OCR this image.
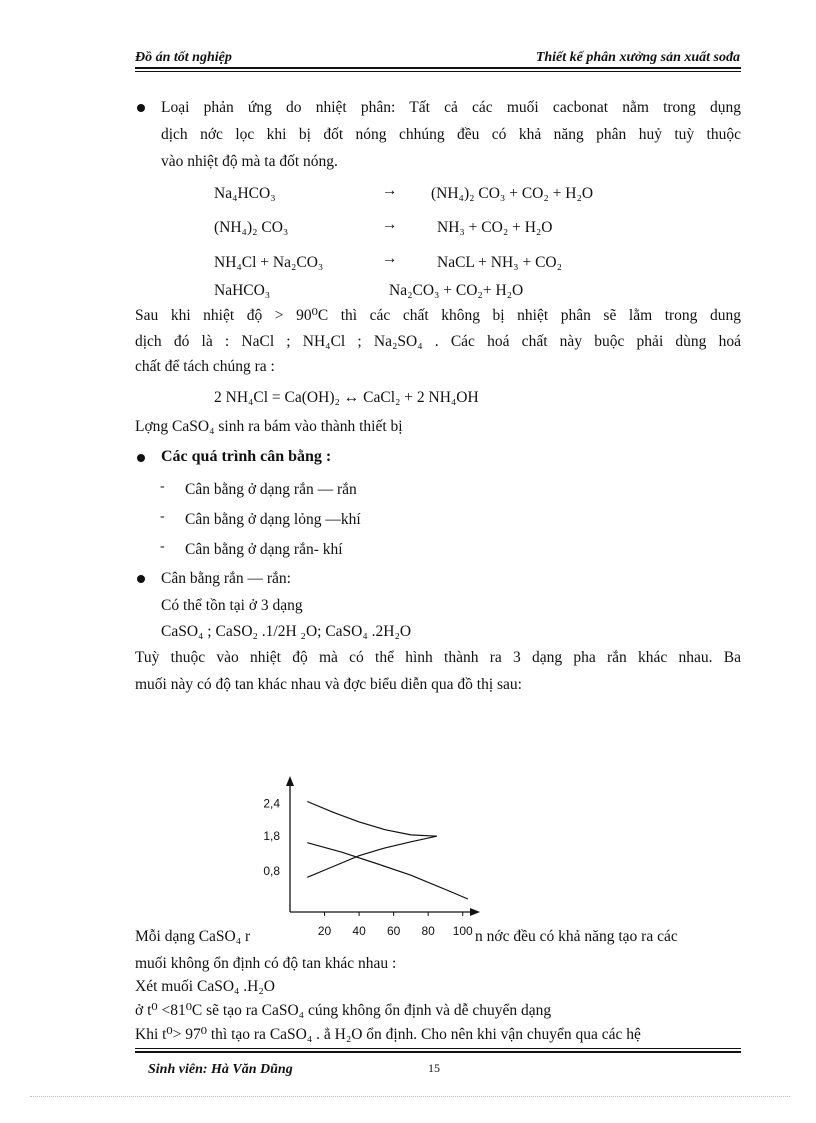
Đồ án tốt nghiệp	Thiết kế phân xưởng sản xuất sođa
Loại phản ứng do nhiệt phân: Tất cả các muối cacbonat nằm trong dụng
dịch nớc lọc khi bị đốt nóng chhúng đều có khả năng phân huỷ tuỳ thuộc
vào nhiệt độ mà ta đốt nóng.
Na₄HCO₃	→ (NH₄)₂ CO₃ + CO₂ + H₂O
(NH₄)₂ CO₃	→	NH₃ + CO₂ + H₂O
NH₄Cl + Na₂CO₃	→	NaCL + NH₃ + CO₂
NaHCO₃	Na₂CO₃ + CO₂+ H₂O
Sau khi nhiệt độ > 90⁰C thì các chất không bị nhiệt phân sẽ lằm trong dung
dịch đó là : NaCl ; NH₄Cl ; Na₂SO₄ . Các hoá chất này buộc phải dùng hoá
chất để tách chúng ra :
2 NH₄Cl = Ca(OH)₂ ↔ CaCl₂ + 2 NH₄OH
Lợng CaSO₄ sinh ra bám vào thành thiết bị
Các quá trình cân bằng :
- Cân bằng ở dạng rắn — rắn
- Cân bằng ở dạng lỏng —khí
- Cân bằng ở dạng rắn- khí
Cân bằng rắn — rắn:
Có thể tồn tại ở 3 dạng
CaSO₄ ; CaSO₂ .1/2H ₂O; CaSO₄ .2H₂O
Tuỳ thuộc vào nhiệt độ mà có thể hình thành ra 3 dạng pha rắn khác nhau. Ba
muối này có độ tan khác nhau và đợc biểu diễn qua đồ thị sau:
20 40 60 80 100
2,4
1,8
0,8
Mỗi dạng CaSO₄ r	n nớc đều có khả năng tạo ra các
muối không ổn định có độ tan khác nhau :
Xét muối CaSO₄ .H₂O
ở t⁰ <81⁰C sẽ tạo ra CaSO₄ cúng không ổn định và dễ chuyển dạng
Khi t⁰> 97⁰ thì tạo ra CaSO₄ . ẳ H₂O ổn định. Cho nên khi vận chuyển qua các hệ
Sinh viên: Hà Văn Dũng	15
